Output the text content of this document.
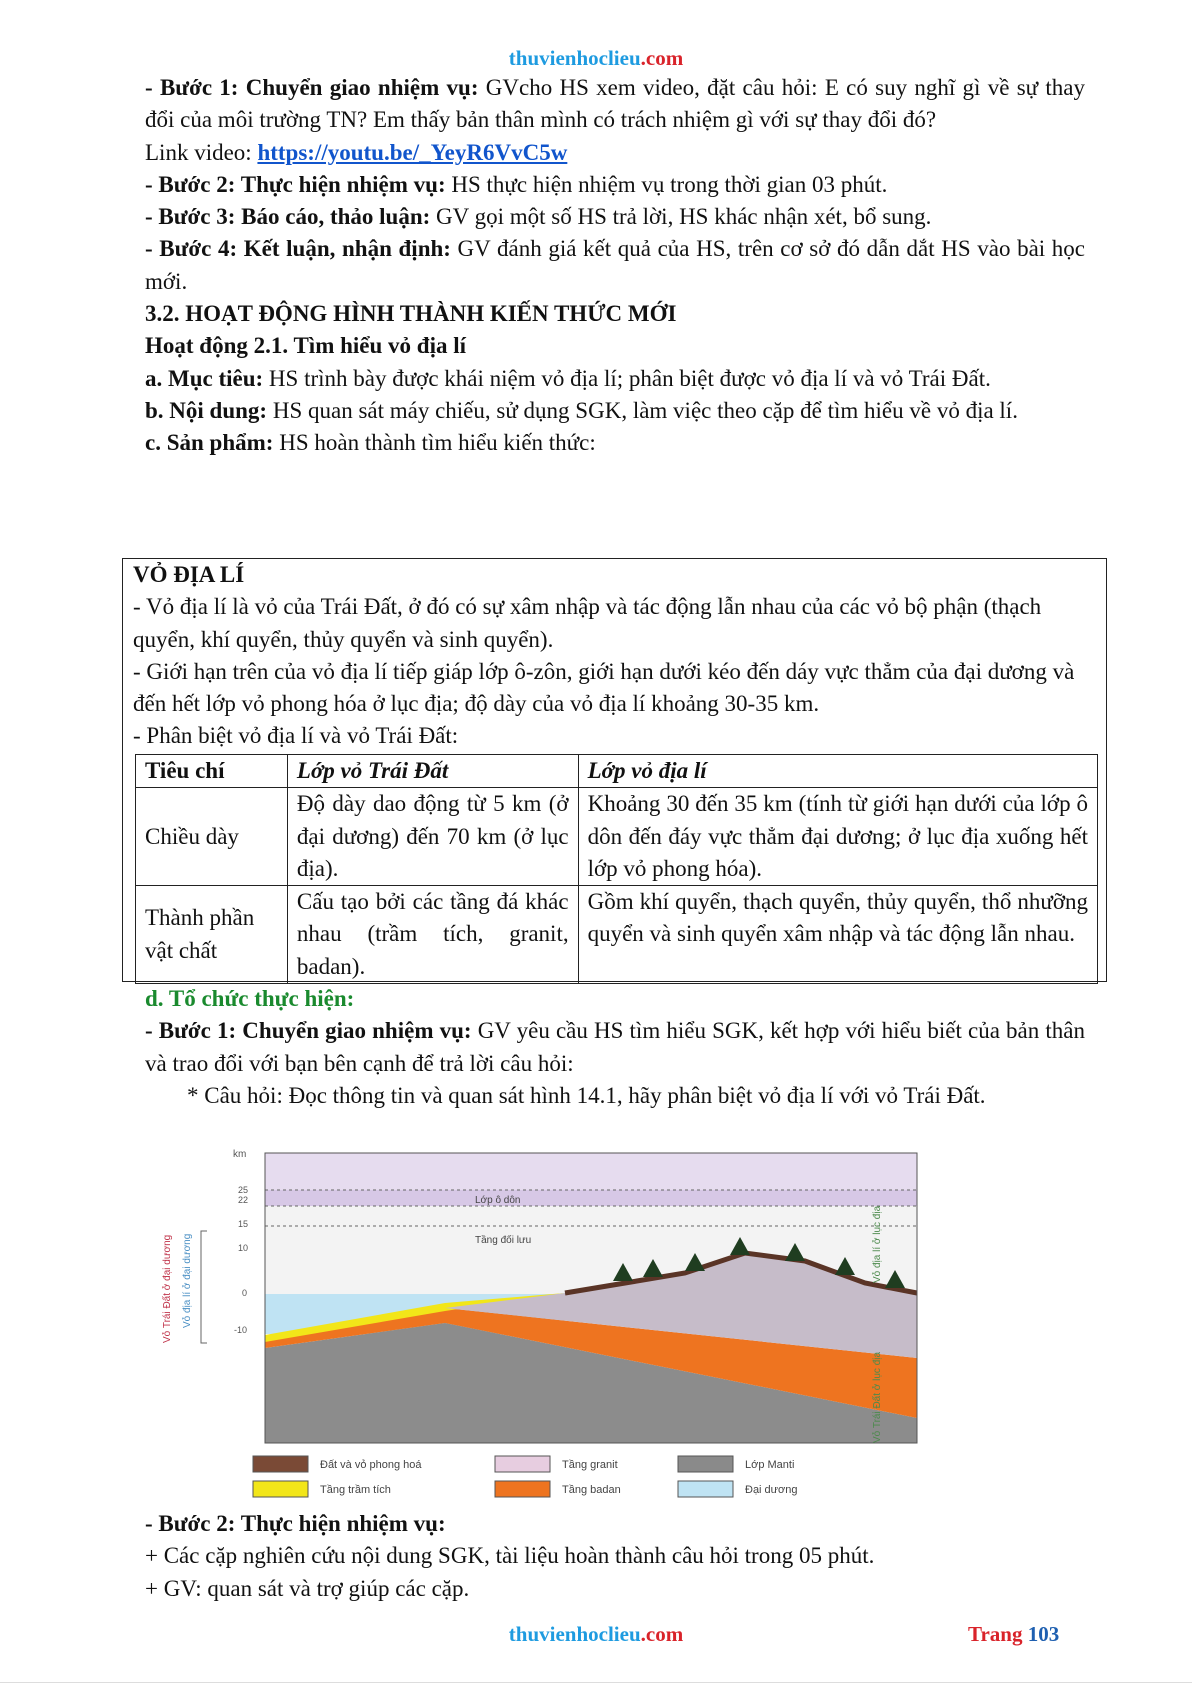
thuvienhoclieu.com

- Bước 1: Chuyển giao nhiệm vụ: GVcho HS xem video, đặt câu hỏi: E có suy nghĩ gì về sự thay đổi của môi trường TN? Em thấy bản thân mình có trách nhiệm gì với sự thay đổi đó?

Link video: https://youtu.be/_YeyR6VvC5w

- Bước 2: Thực hiện nhiệm vụ: HS thực hiện nhiệm vụ trong thời gian 03 phút.

- Bước 3: Báo cáo, thảo luận: GV gọi một số HS trả lời, HS khác nhận xét, bổ sung.

- Bước 4: Kết luận, nhận định: GV đánh giá kết quả của HS, trên cơ sở đó dẫn dắt HS vào bài học mới.

3.2. HOẠT ĐỘNG HÌNH THÀNH KIẾN THỨC MỚI

Hoạt động 2.1. Tìm hiểu vỏ địa lí

a. Mục tiêu: HS trình bày được khái niệm vỏ địa lí; phân biệt được vỏ địa lí và vỏ Trái Đất.

b. Nội dung: HS quan sát máy chiếu, sử dụng SGK, làm việc theo cặp để tìm hiểu về vỏ địa lí.

c. Sản phẩm: HS hoàn thành tìm hiểu kiến thức:

VỎ ĐỊA LÍ

- Vỏ địa lí là vỏ của Trái Đất, ở đó có sự xâm nhập và tác động lẫn nhau của các vỏ bộ phận (thạch quyển, khí quyển, thủy quyển và sinh quyển).

- Giới hạn trên của vỏ địa lí tiếp giáp lớp ô-zôn, giới hạn dưới kéo đến dáy vực thẳm của đại dương và đến hết lớp vỏ phong hóa ở lục địa; độ dày của vỏ địa lí khoảng 30-35 km.

- Phân biệt vỏ địa lí và vỏ Trái Đất:

Tiêu chí	Lớp vỏ Trái Đất	Lớp vỏ địa lí
Chiều dày	Độ dày dao động từ 5 km (ở đại dương) đến 70 km (ở lục địa).	Khoảng 30 đến 35 km (tính từ giới hạn dưới của lớp ô dôn đến đáy vực thẳm đại dương; ở lục địa xuống hết lớp vỏ phong hóa).
Thành phần vật chất	Cấu tạo bởi các tầng đá khác nhau (trầm tích, granit, badan).	Gồm khí quyển, thạch quyển, thủy quyển, thổ nhưỡng quyển và sinh quyển xâm nhập và tác động lẫn nhau.

d. Tổ chức thực hiện:

- Bước 1: Chuyển giao nhiệm vụ: GV yêu cầu HS tìm hiểu SGK, kết hợp với hiểu biết của bản thân và trao đổi với bạn bên cạnh để trả lời câu hỏi:

* Câu hỏi: Đọc thông tin và quan sát hình 14.1, hãy phân biệt vỏ địa lí với vỏ Trái Đất.

km
25
22
15
10
0
-10
Lớp ô dôn
Tầng đối lưu
Vỏ Trái Đất ở đại dương Vỏ địa lí ở đại dương	Vỏ địa lí ở lục địa
Vỏ Trái Đất ở lục địa
Đất và vỏ phong hoá	Tầng granit	Lớp Manti
Tầng trầm tích	Tầng badan	Đại dương

- Bước 2: Thực hiện nhiệm vụ:

+ Các cặp nghiên cứu nội dung SGK, tài liệu hoàn thành câu hỏi trong 05 phút.

+ GV: quan sát và trợ giúp các cặp.

thuvienhoclieu.com	Trang 103
